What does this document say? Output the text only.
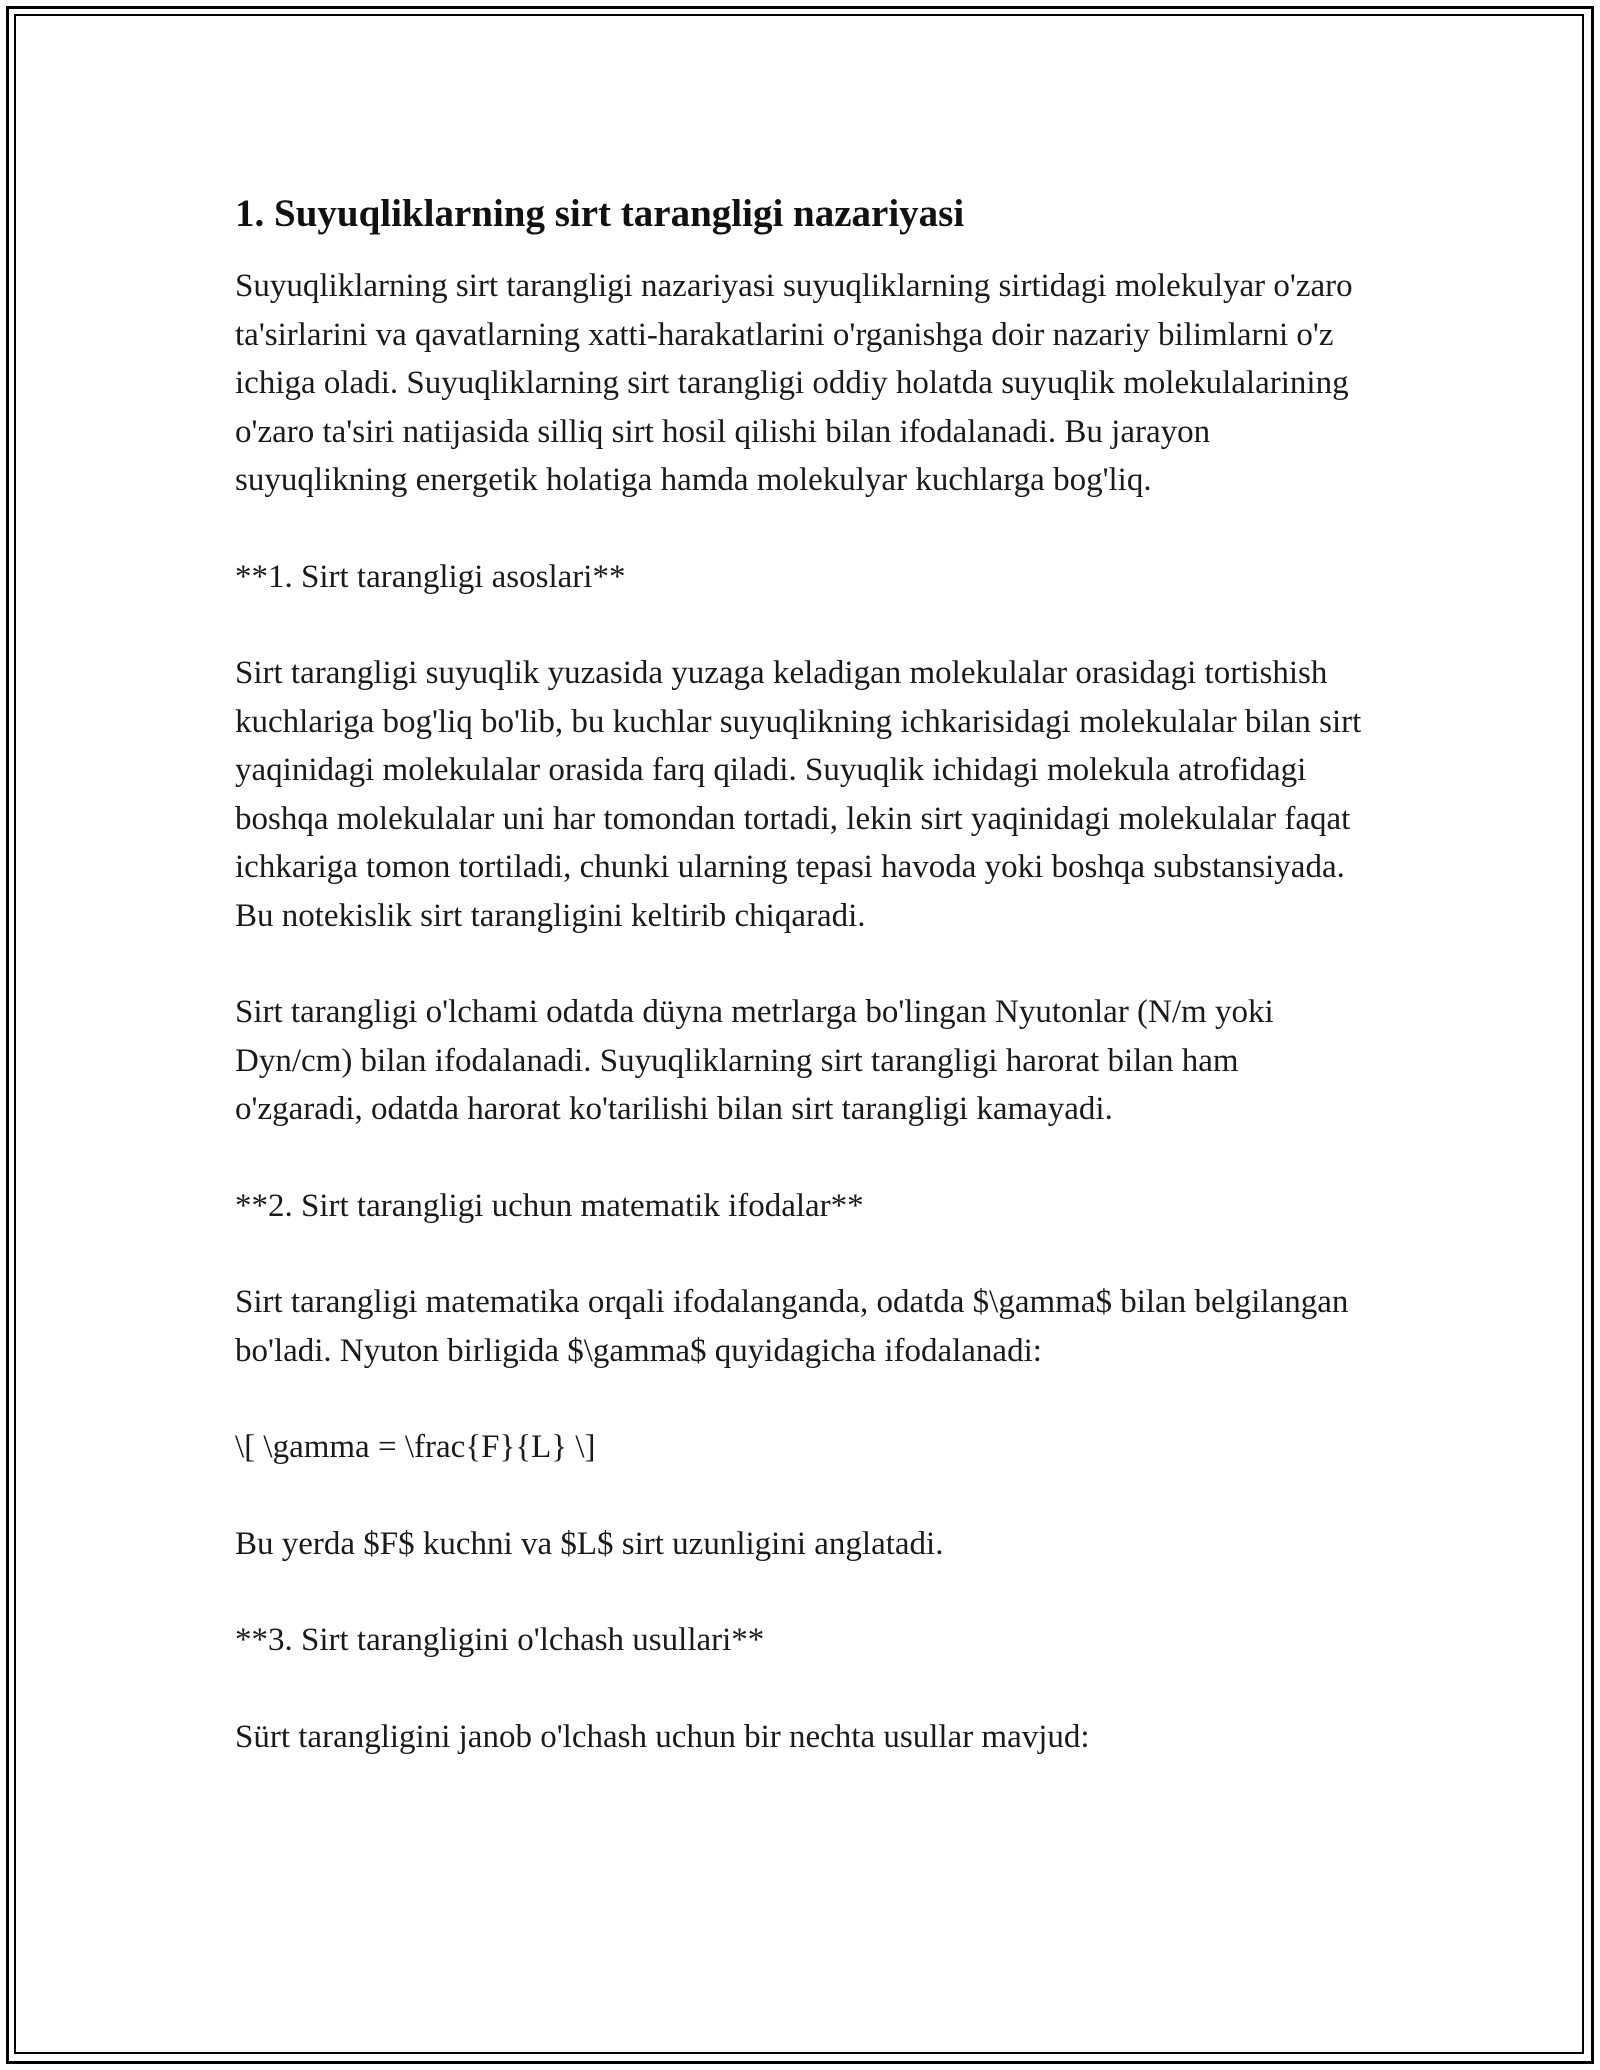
1. Suyuqliklarning sirt tarangligi nazariyasi

Suyuqliklarning sirt tarangligi nazariyasi suyuqliklarning sirtidagi molekulyar o'zaro ta'sirlarini va qavatlarning xatti-harakatlarini o'rganishga doir nazariy bilimlarni o'z ichiga oladi. Suyuqliklarning sirt tarangligi oddiy holatda suyuqlik molekulalarining o'zaro ta'siri natijasida silliq sirt hosil qilishi bilan ifodalanadi. Bu jarayon suyuqlikning energetik holatiga hamda molekulyar kuchlarga bog'liq.

**1. Sirt tarangligi asoslari**

Sirt tarangligi suyuqlik yuzasida yuzaga keladigan molekulalar orasidagi tortishish kuchlariga bog'liq bo'lib, bu kuchlar suyuqlikning ichkarisidagi molekulalar bilan sirt yaqinidagi molekulalar orasida farq qiladi. Suyuqlik ichidagi molekula atrofidagi boshqa molekulalar uni har tomondan tortadi, lekin sirt yaqinidagi molekulalar faqat ichkariga tomon tortiladi, chunki ularning tepasi havoda yoki boshqa substansiyada. Bu notekislik sirt tarangligini keltirib chiqaradi.

Sirt tarangligi o'lchami odatda düyna metrlarga bo'lingan Nyutonlar (N/m yoki Dyn/cm) bilan ifodalanadi. Suyuqliklarning sirt tarangligi harorat bilan ham o'zgaradi, odatda harorat ko'tarilishi bilan sirt tarangligi kamayadi.

**2. Sirt tarangligi uchun matematik ifodalar**

Sirt tarangligi matematika orqali ifodalanganda, odatda $\gamma$ bilan belgilangan bo'ladi. Nyuton birligida $\gamma$ quyidagicha ifodalanadi:

\[ \gamma = \frac{F}{L} \]

Bu yerda $F$ kuchni va $L$ sirt uzunligini anglatadi.

**3. Sirt tarangligini o'lchash usullari**

Sürt tarangligini janob o'lchash uchun bir nechta usullar mavjud:
